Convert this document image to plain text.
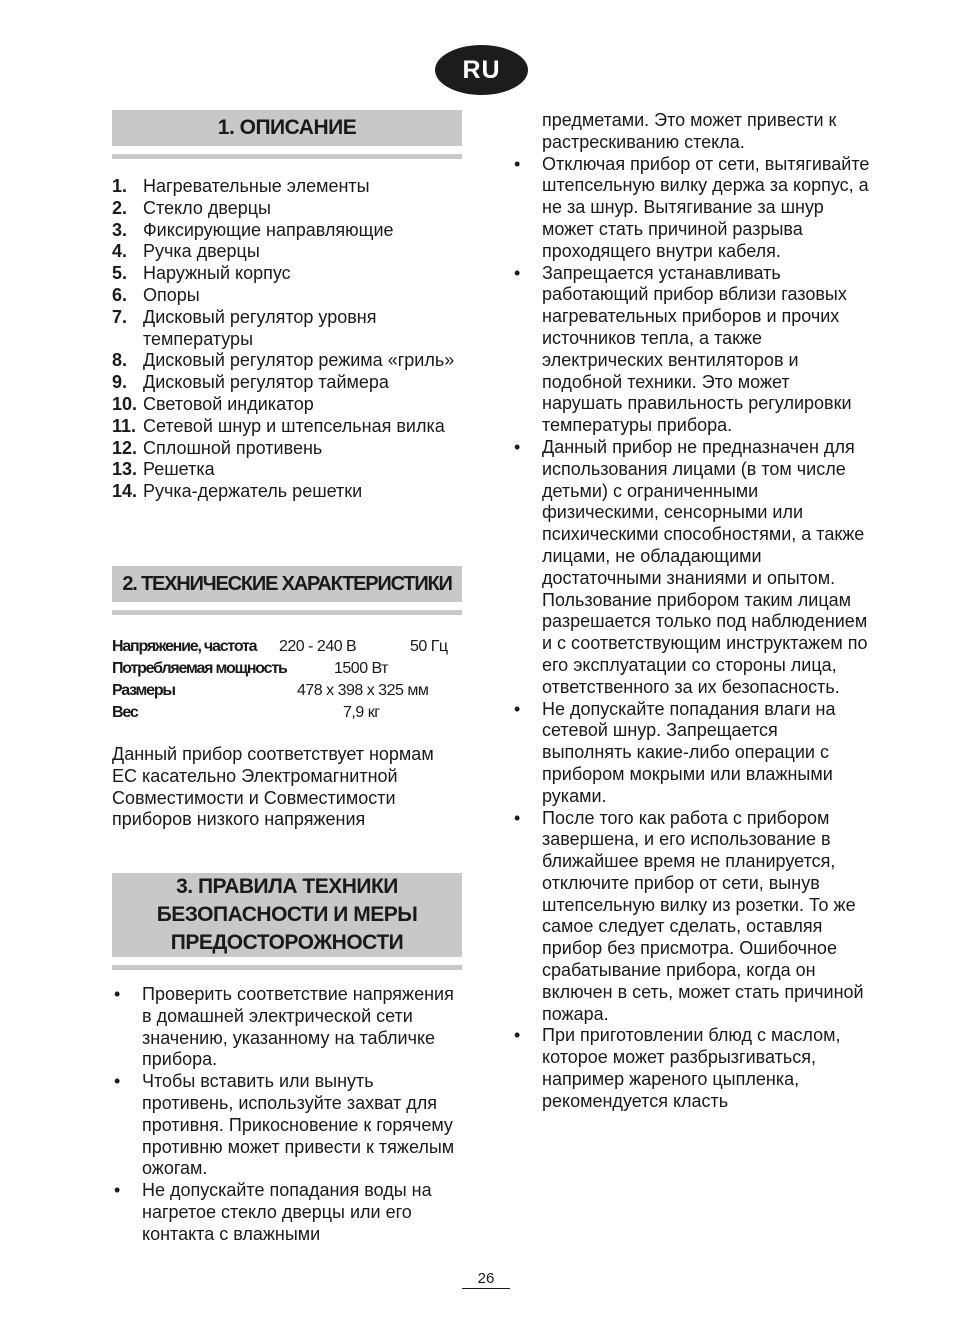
RU
1. ОПИСАНИЕ
1. Нагревательные элементы
2. Стекло дверцы
3. Фиксирующие направляющие
4. Ручка дверцы
5. Наружный корпус
6. Опоры
7. Дисковый регулятор уровня температуры
8. Дисковый регулятор режима «гриль»
9. Дисковый регулятор таймера
10. Световой индикатор
11. Сетевой шнур и штепсельная вилка
12. Сплошной противень
13. Решетка
14. Ручка-держатель решетки
2. ТЕХНИЧЕСКИЕ ХАРАКТЕРИСТИКИ
Напряжение, частота 220 - 240 В	50 Гц
Потребляемая мощность	1500 Вт
Размеры	478 x 398 x 325 мм
Вес	7,9 кг

Данный прибор соответствует нормам ЕС касательно Электромагнитной Совместимости и Совместимости приборов низкого напряжения

3. ПРАВИЛА ТЕХНИКИ
БЕЗОПАСНОСТИ И МЕРЫ
ПРЕДОСТОРОЖНОСТИ
• Проверить соответствие напряжения в домашней электрической сети значению, указанному на табличке прибора.
• Чтобы вставить или вынуть противень, используйте захват для противня. Прикосновение к горячему противню может привести к тяжелым ожогам.
• Не допускайте попадания воды на нагретое стекло дверцы или его контакта с влажными

предметами. Это может привести к растрескиванию стекла.

• Отключая прибор от сети, вытягивайте штепсельную вилку держа за корпус, а не за шнур. Вытягивание за шнур может стать причиной разрыва проходящего внутри кабеля.
• Запрещается устанавливать работающий прибор вблизи газовых нагревательных приборов и прочих источников тепла, а также электрических вентиляторов и подобной техники. Это может нарушать правильность регулировки температуры прибора.
• Данный прибор не предназначен для использования лицами (в том числе детьми) с ограниченными физическими, сенсорными или психическими способностями, а также лицами, не обладающими достаточными знаниями и опытом. Пользование прибором таким лицам разрешается только под наблюдением и с соответствующим инструктажем по его эксплуатации со стороны лица, ответственного за их безопасность.
• Не допускайте попадания влаги на сетевой шнур. Запрещается выполнять какие-либо операции с прибором мокрыми или влажными руками.
• После того как работа с прибором завершена, и его использование в ближайшее время не планируется, отключите прибор от сети, вынув штепсельную вилку из розетки. То же самое следует сделать, оставляя прибор без присмотра. Ошибочное срабатывание прибора, когда он включен в сеть, может стать причиной пожара.
• При приготовлении блюд с маслом, которое может разбрызгиваться, например жареного цыпленка, рекомендуется класть
26
